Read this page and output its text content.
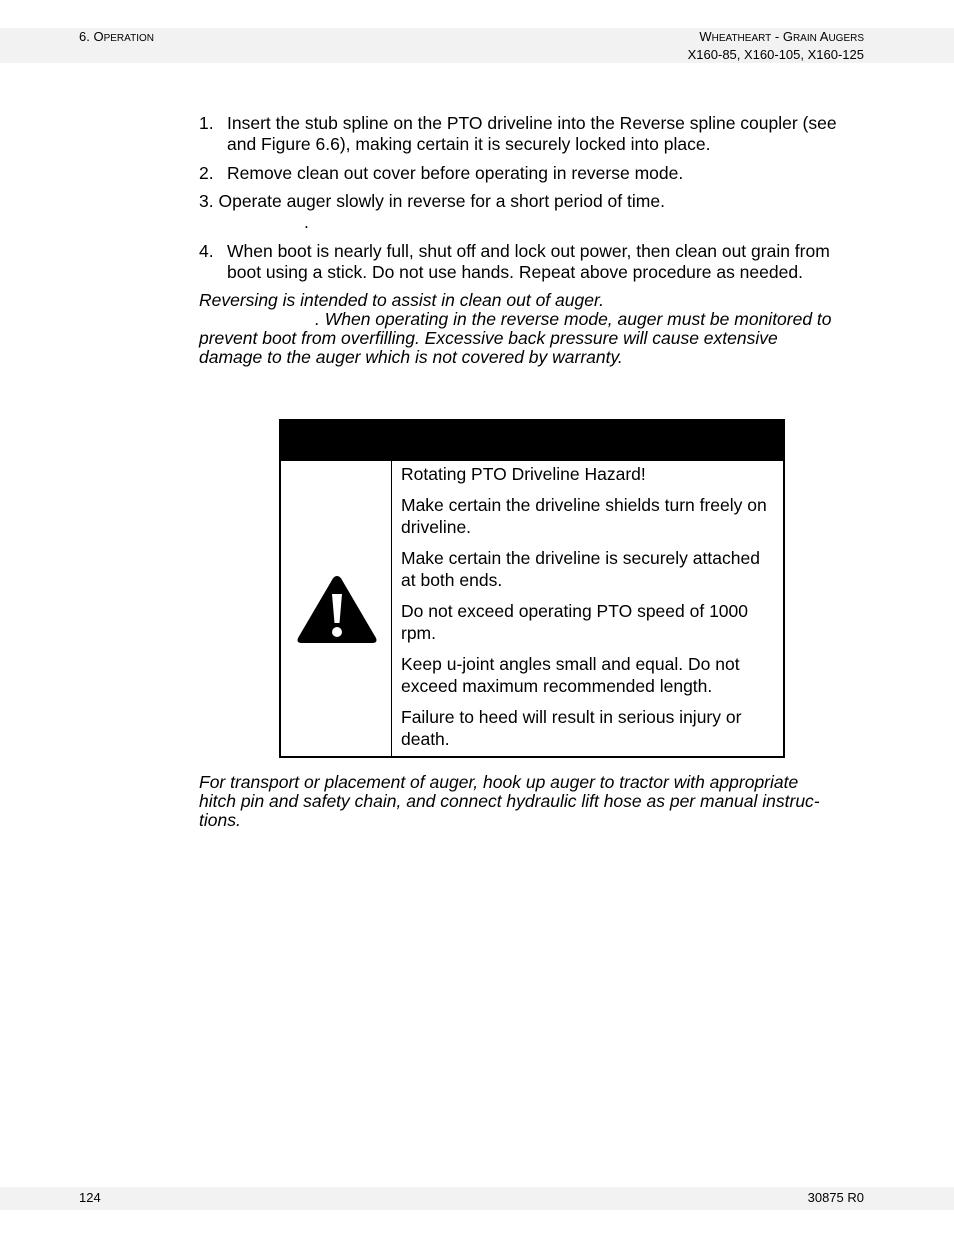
6. OPERATION	WHEATHEART - GRAIN AUGERS
X160-85, X160-105, X160-125
1. Insert the stub spline on the PTO driveline into the Reverse spline coupler (see and Figure 6.6), making certain it is securely locked into place.
2. Remove clean out cover before operating in reverse mode.
3. Operate auger slowly in reverse for a short period of time.
.
4. When boot is nearly full, shut off and lock out power, then clean out grain from boot using a stick. Do not use hands. Repeat above procedure as needed.
Reversing is intended to assist in clean out of auger.
. When operating in the reverse mode, auger must be monitored to
prevent boot from overfilling. Excessive back pressure will cause extensive
damage to the auger which is not covered by warranty.

Rotating PTO Driveline Hazard!

Make certain the driveline shields turn freely on driveline.

Make certain the driveline is securely attached at both ends.

Do not exceed operating PTO speed of 1000 rpm.

Keep u-joint angles small and equal. Do not exceed maximum recommended length.

Failure to heed will result in serious injury or death.

For transport or placement of auger, hook up auger to tractor with appropriate
hitch pin and safety chain, and connect hydraulic lift hose as per manual instruc-
tions.
124	30875 R0
